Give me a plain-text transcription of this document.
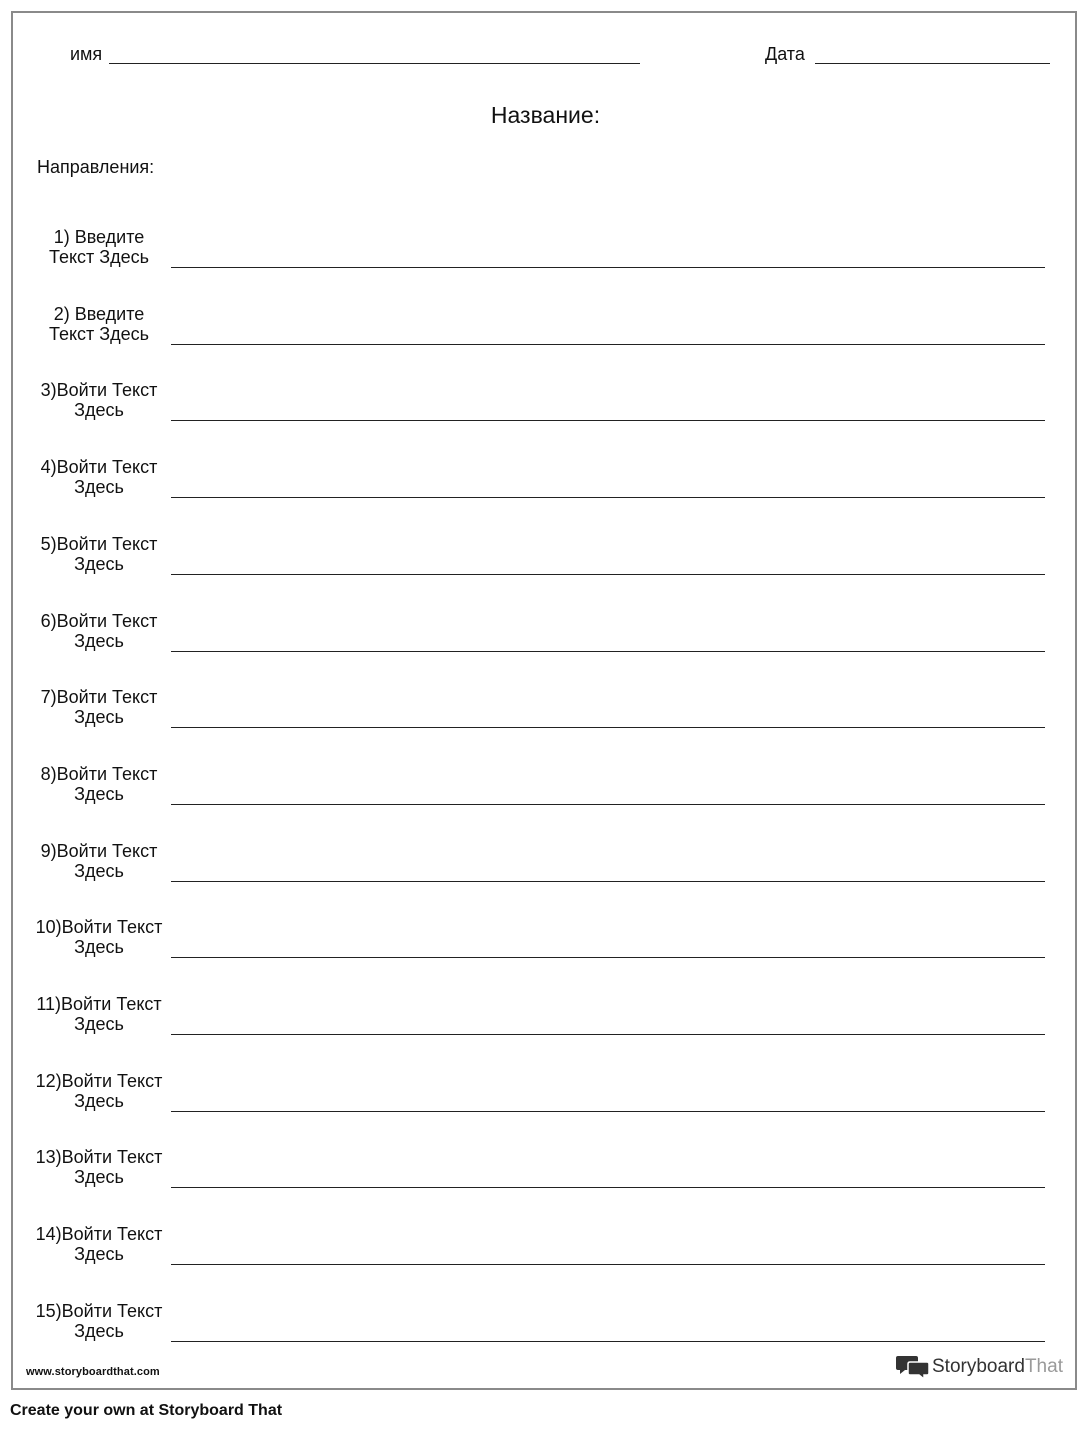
имя	Дата
Название:
Направления:
1) Введите
Текст Здесь
2) Введите
Текст Здесь
3)Войти Текст
Здесь
4)Войти Текст
Здесь
5)Войти Текст
Здесь
6)Войти Текст
Здесь
7)Войти Текст
Здесь
8)Войти Текст
Здесь
9)Войти Текст
Здесь
10)Войти Текст
Здесь
11)Войти Текст
Здесь
12)Войти Текст
Здесь
13)Войти Текст
Здесь
14)Войти Текст
Здесь
15)Войти Текст
Здесь
www.storyboardthat.com	StoryboardThat
Create your own at Storyboard That
